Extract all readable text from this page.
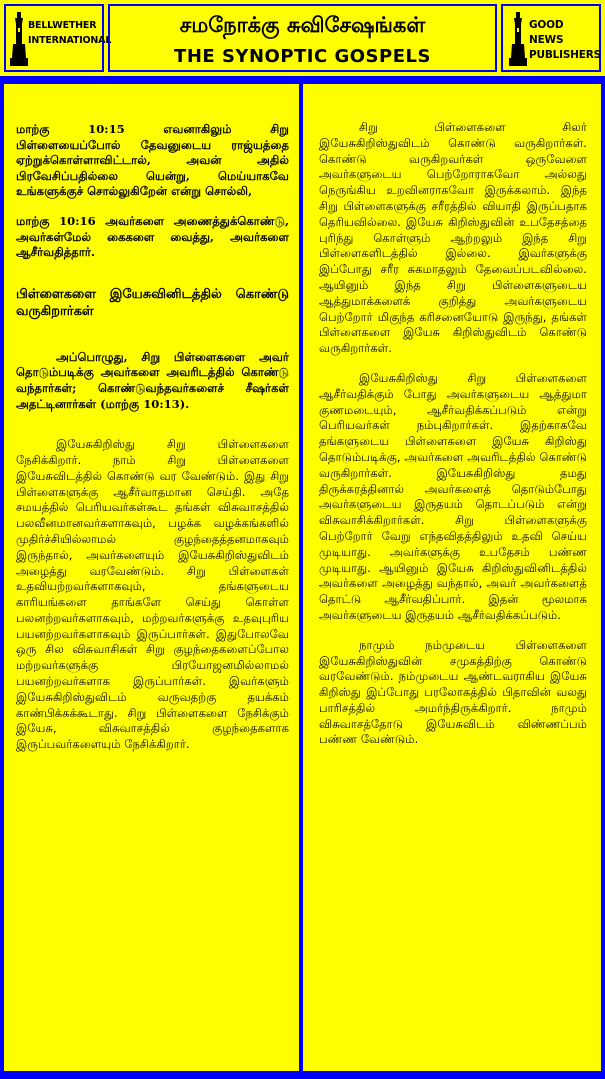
BELLWETHER
INTERNATIONAL
சமநோக்கு சுவிசேஷங்கள்
THE SYNOPTIC GOSPELS
GOOD NEWS
PUBLISHERS

மாற்கு 10:15 எவனாகிலும் சிறு பிள்ளையைப்போல் தேவனுடைய ராஜ்யத்தை ஏற்றுக்கொள்ளாவிட்டால், அவன் அதில் பிரவேசிப்பதில்லை யென்று, மெய்யாகவே உங்களுக்குச் சொல்லுகிறேன் என்று சொல்லி,

மாற்கு 10:16 அவர்களை அணைத்துக்கொண்டு, அவர்கள்மேல் கைகளை வைத்து, அவர்களை ஆசீர்வதித்தார்.

பிள்ளைகளை இயேசுவினிடத்தில் கொண்டு வருகிறார்கள்

அப்பொழுது, சிறு பிள்ளைகளை அவர் தொடும்படிக்கு அவர்களை அவரிடத்தில் கொண்டு வந்தார்கள்; கொண்டுவந்தவர்களைச் சீஷர்கள் அதட்டினார்கள் (மாற்கு 10:13).

இயேசுகிறிஸ்து சிறு பிள்ளைகளை நேசிக்கிறார். நாம் சிறு பிள்ளைகளை இயேசுவிடத்தில் கொண்டு வர வேண்டும். இது சிறு பிள்ளைகளுக்கு ஆசீர்வாதமான செய்தி. அதே சமயத்தில் பெரியவர்கள்கூட தங்கள் விசுவாசத்தில் பலவீனமானவர்களாகவும், பழக்க வழக்கங்களில் முதிர்ச்சியில்லாமல் குழந்தைத்தனமாகவும் இருந்தால், அவர்களையும் இயேசுகிறிஸ்துவிடம் அழைத்து வரவேண்டும். சிறு பிள்ளைகள் உதவியற்றவர்களாகவும், தங்களுடைய காரியங்களை தாங்களே செய்து கொள்ள பலனற்றவர்களாகவும், மற்றவர்களுக்கு உதவுபுரிய பயனற்றவர்களாகவும் இருப்பார்கள். இதுபோலவே ஒரு சில விசுவாசிகள் சிறு குழந்தைகளைப்போல மற்றவர்களுக்கு பிரயோஜனமில்லாமல் பயனற்றவர்களாக இருப்பார்கள். இவர்களும் இயேசுகிறிஸ்துவிடம் வருவதற்கு தயக்கம் காண்பிக்கக்கூடாது. சிறு பிள்ளைகளை நேசிக்கும் இயேசு, விசுவாசத்தில் குழந்தைகளாக இருப்பவர்களையும் நேசிக்கிறார்.

சிறு பிள்ளைகளை சிலர் இயேசுகிறிஸ்துவிடம் கொண்டு வருகிறார்கள். கொண்டு வருகிறவர்கள் ஒருவேளை அவர்களுடைய பெற்றோராகவோ அல்லது நெருங்கிய உறவினராகவோ இருக்கலாம். இந்த சிறு பிள்ளைகளுக்கு சரீரத்தில் வியாதி இருப்பதாக தெரியவில்லை. இயேசு கிறிஸ்துவின் உபதேசத்தை புரிந்து கொள்ளும் ஆற்றலும் இந்த சிறு பிள்ளைகளிடத்தில் இல்லை. இவர்களுக்கு இப்போது சரீர சுகமாதலும் தேவைப்படவில்லை. ஆயினும் இந்த சிறு பிள்ளைகளுடைய ஆத்துமாக்களைக் குறித்து அவர்களுடைய பெற்றோர் மிகுந்த கரிசனையோடு இருந்து, தங்கள் பிள்ளைகளை இயேசு கிறிஸ்துவிடம் கொண்டு வருகிறார்கள்.

இயேசுகிறிஸ்து சிறு பிள்ளைகளை ஆசீர்வதிக்கும் போது அவர்களுடைய ஆத்துமா குணமடையும், ஆசீர்வதிக்கப்படும் என்று பெரியவர்கள் நம்புகிறார்கள். இதற்காகவே தங்களுடைய பிள்ளைகளை இயேசு கிறிஸ்து தொடும்படிக்கு, அவர்களை அவரிடத்தில் கொண்டு வருகிறார்கள். இயேசுகிறிஸ்து தமது திருக்கரத்தினால் அவர்களைத் தொடும்போது அவர்களுடைய இருதயம் தொடப்படும் என்று விசுவாசிக்கிறார்கள். சிறு பிள்ளைகளுக்கு பெற்றோர் வேறு எந்தவிதத்திலும் உதவி செய்ய முடியாது. அவர்களுக்கு உபதேசம் பண்ண முடியாது. ஆயினும் இயேசு கிறிஸ்துவினிடத்தில் அவர்களை அழைத்து வந்தால், அவர் அவர்களைத் தொட்டு ஆசீர்வதிப்பார். இதன் மூலமாக அவர்களுடைய இருதயம் ஆசீர்வதிக்கப்படும்.

நாமும் நம்முடைய பிள்ளைகளை இயேசுகிறிஸ்துவின் சமுகத்திற்கு கொண்டு வரவேண்டும். நம்முடைய ஆண்டவராகிய இயேசு கிறிஸ்து இப்போது பரலோகத்தில் பிதாவின் வலது பாரிசத்தில் அமர்ந்திருக்கிறார். நாமும் விசுவாசத்தோடு இயேசுவிடம் விண்ணப்பம் பண்ண வேண்டும்.
